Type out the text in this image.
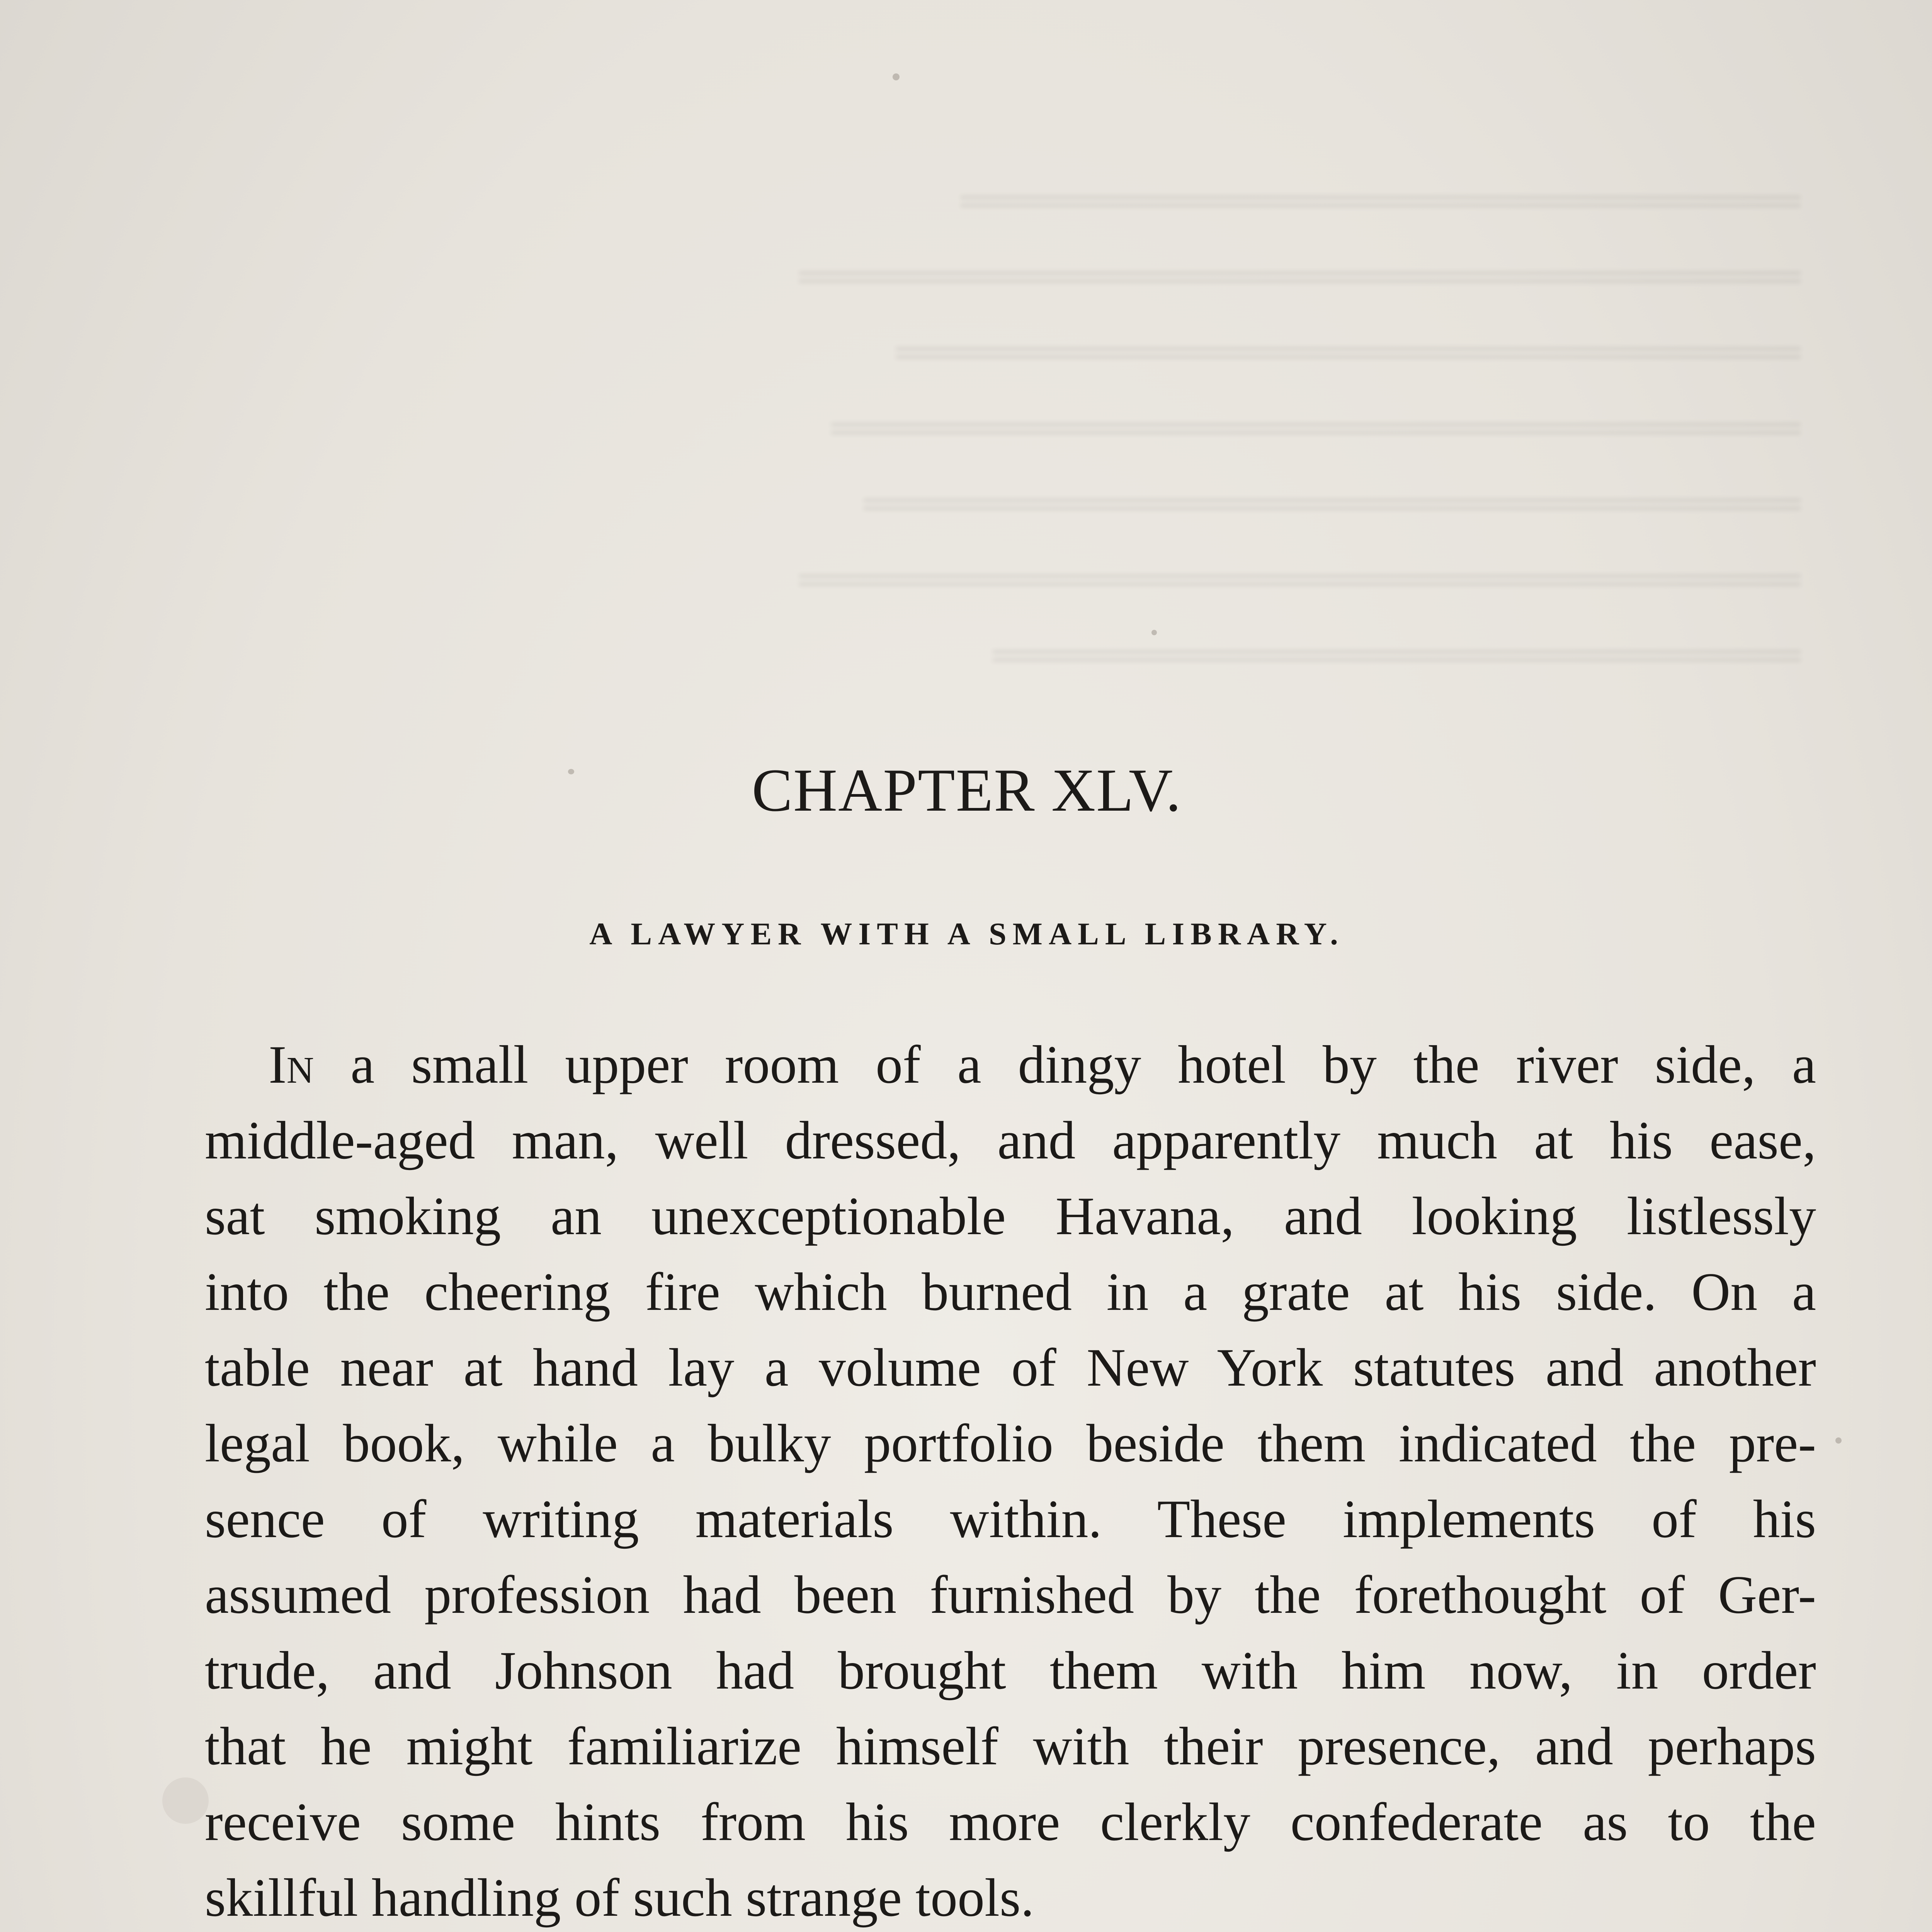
══════════════════════════
═══════════════════════════════
════════════════════════════
══════════════════════════════
═════════════════════════════
═══════════════════════════════
═════════════════════════

CHAPTER XLV.
A LAWYER WITH A SMALL LIBRARY.
In a small upper room of a dingy hotel by the river side, a
middle-aged man, well dressed, and apparently much at his ease,
sat smoking an unexceptionable Havana, and looking listlessly
into the cheering fire which burned in a grate at his side. On a
table near at hand lay a volume of New York statutes and another
legal book, while a bulky portfolio beside them indicated the pre-
sence of writing materials within. These implements of his
assumed profession had been furnished by the forethought of Ger-
trude, and Johnson had brought them with him now, in order
that he might familiarize himself with their presence, and perhaps
receive some hints from his more clerkly confederate as to the
skillful handling of such strange tools.
